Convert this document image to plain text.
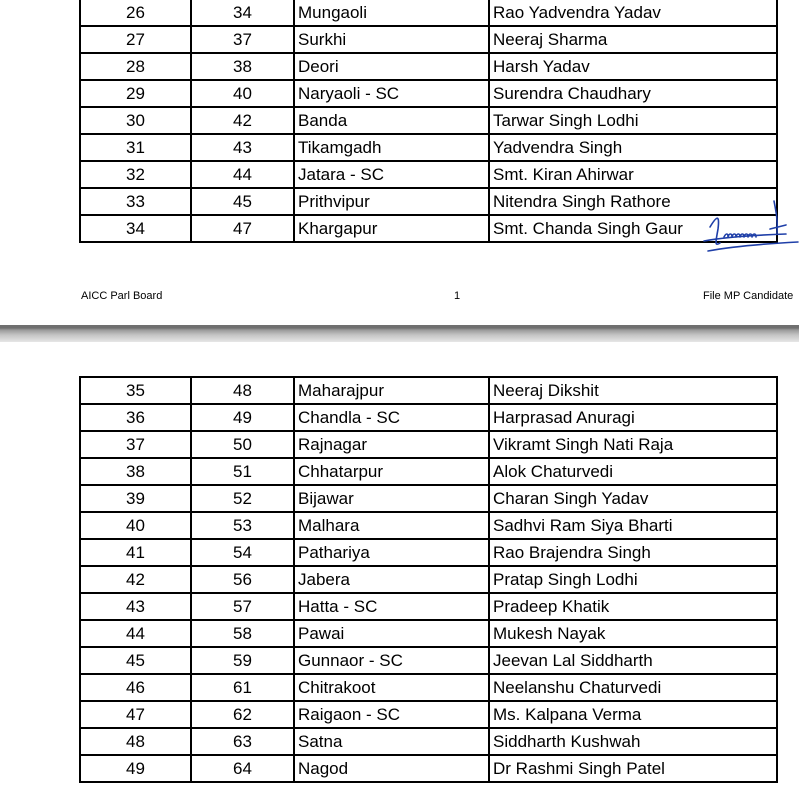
26	34	Mungaoli	Rao Yadvendra Yadav
27	37	Surkhi	Neeraj Sharma
28	38	Deori	Harsh Yadav
29	40	Naryaoli - SC	Surendra Chaudhary
30	42	Banda	Tarwar Singh Lodhi
31	43	Tikamgadh	Yadvendra Singh
32	44	Jatara - SC	Smt. Kiran Ahirwar
33	45	Prithvipur	Nitendra Singh Rathore
34	47	Khargapur	Smt. Chanda Singh Gaur
AICC Parl Board	1	File MP Candidate
35	48	Maharajpur	Neeraj Dikshit
36	49	Chandla - SC	Harprasad Anuragi
37	50	Rajnagar	Vikramt Singh Nati Raja
38	51	Chhatarpur	Alok Chaturvedi
39	52	Bijawar	Charan Singh Yadav
40	53	Malhara	Sadhvi Ram Siya Bharti
41	54	Pathariya	Rao Brajendra Singh
42	56	Jabera	Pratap Singh Lodhi
43	57	Hatta - SC	Pradeep Khatik
44	58	Pawai	Mukesh Nayak
45	59	Gunnaor - SC	Jeevan Lal Siddharth
46	61	Chitrakoot	Neelanshu Chaturvedi
47	62	Raigaon - SC	Ms. Kalpana Verma
48	63	Satna	Siddharth Kushwah
49	64	Nagod	Dr Rashmi Singh Patel
